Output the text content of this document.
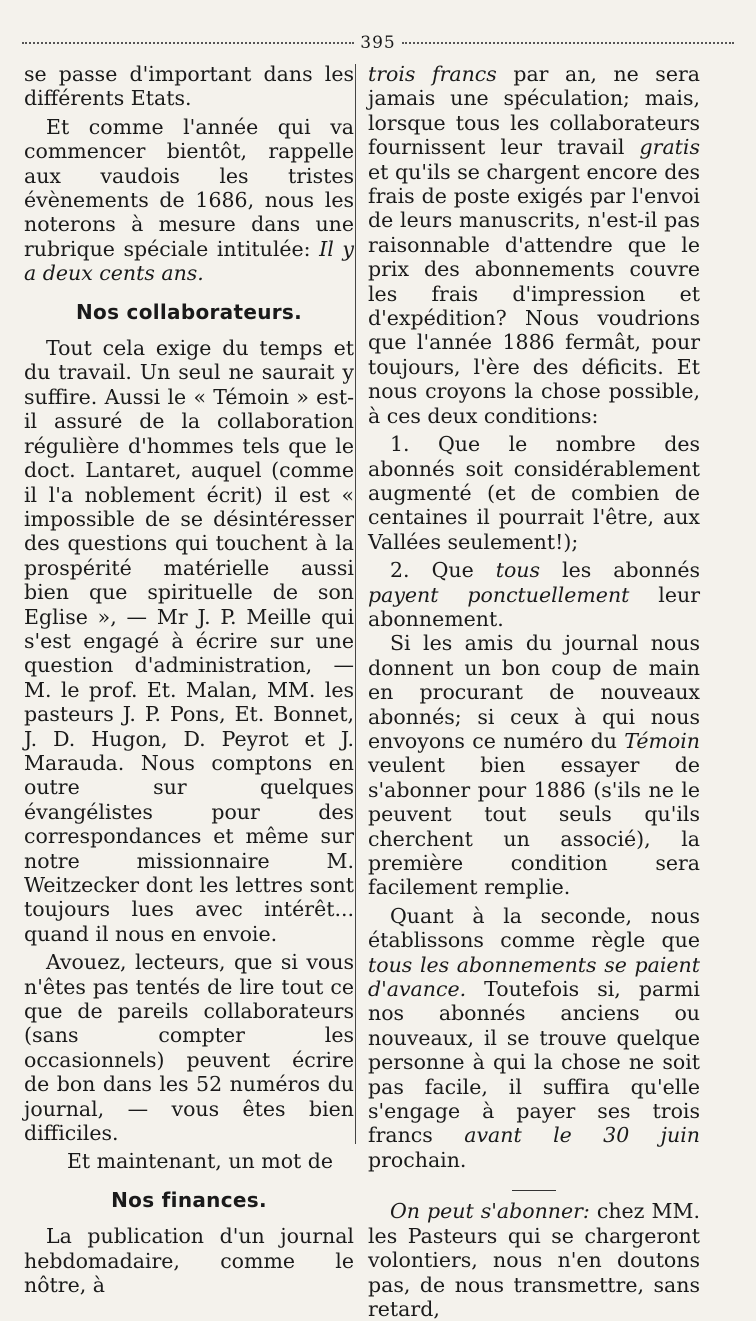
395

se passe d'important dans les différents Etats.

Et comme l'année qui va commencer bientôt, rappelle aux vaudois les tristes évènements de 1686, nous les noterons à mesure dans une rubrique spéciale intitulée: Il y a deux cents ans.

Nos collaborateurs.

Tout cela exige du temps et du travail. Un seul ne saurait y suffire. Aussi le « Témoin » est-il assuré de la collaboration régulière d'hommes tels que le doct. Lantaret, auquel (comme il l'a noblement écrit) il est « impossible de se désintéresser des questions qui touchent à la prospérité matérielle aussi bien que spirituelle de son Eglise », — Mr J. P. Meille qui s'est engagé à écrire sur une question d'administration, — M. le prof. Et. Malan, MM. les pasteurs J. P. Pons, Et. Bonnet, J. D. Hugon, D. Peyrot et J. Marauda. Nous comptons en outre sur quelques évangélistes pour des correspondances et même sur notre missionnaire M. Weitzecker dont les lettres sont toujours lues avec intérêt... quand il nous en envoie.

Avouez, lecteurs, que si vous n'êtes pas tentés de lire tout ce que de pareils collaborateurs (sans compter les occasionnels) peuvent écrire de bon dans les 52 numéros du journal, — vous êtes bien difficiles.

Et maintenant, un mot de

Nos finances.

La publication d'un journal hebdomadaire, comme le nôtre, à

trois francs par an, ne sera jamais une spéculation; mais, lorsque tous les collaborateurs fournissent leur travail gratis et qu'ils se chargent encore des frais de poste exigés par l'envoi de leurs manuscrits, n'est-il pas raisonnable d'attendre que le prix des abonnements couvre les frais d'impression et d'expédition? Nous voudrions que l'année 1886 fermât, pour toujours, l'ère des déficits. Et nous croyons la chose possible, à ces deux conditions:

1. Que le nombre des abonnés soit considérablement augmenté (et de combien de centaines il pourrait l'être, aux Vallées seulement!);

2. Que tous les abonnés payent ponctuellement leur abonnement.

Si les amis du journal nous donnent un bon coup de main en procurant de nouveaux abonnés; si ceux à qui nous envoyons ce numéro du Témoin veulent bien essayer de s'abonner pour 1886 (s'ils ne le peuvent tout seuls qu'ils cherchent un associé), la première condition sera facilement remplie.

Quant à la seconde, nous établissons comme règle que tous les abonnements se paient d'avance. Toutefois si, parmi nos abonnés anciens ou nouveaux, il se trouve quelque personne à qui la chose ne soit pas facile, il suffira qu'elle s'engage à payer ses trois francs avant le 30 juin prochain.

On peut s'abonner: chez MM. les Pasteurs qui se chargeront volontiers, nous n'en doutons pas, de nous transmettre, sans retard,
